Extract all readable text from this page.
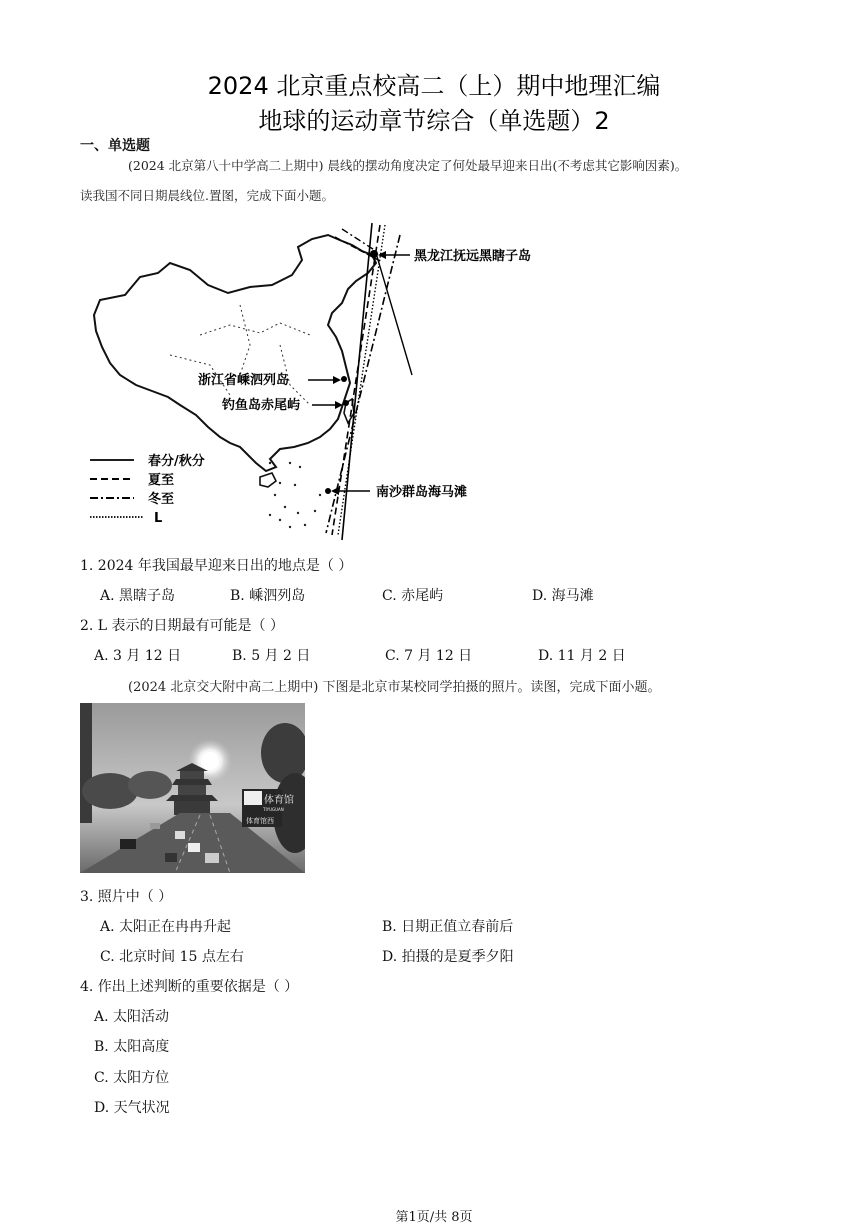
2024 北京重点校高二（上）期中地理汇编
地球的运动章节综合（单选题）2
一、单选题
(2024 北京第八十中学高二上期中) 晨线的摆动角度决定了何处最早迎来日出(不考虑其它影响因素)。
读我国不同日期晨线位.置图，完成下面小题。
黑龙江抚远黑瞎子岛
浙江省嵊泗列岛
钓鱼岛赤尾屿
南沙群岛海马滩
春分/秋分
夏至
冬至
L
1. 2024 年我国最早迎来日出的地点是（ ）
A. 黑瞎子岛	B. 嵊泗列岛	C. 赤尾屿	D. 海马滩
2. L 表示的日期最有可能是（ ）
A. 3 月 12 日	B. 5 月 2 日	C. 7 月 12 日	D. 11 月 2 日
(2024 北京交大附中高二上期中) 下图是北京市某校同学拍摄的照片。读图，完成下面小题。
体育馆
TIYUGUAN
体育馆西
3. 照片中（ ）
A. 太阳正在冉冉升起	B. 日期正值立春前后
C. 北京时间 15 点左右	D. 拍摄的是夏季夕阳
4. 作出上述判断的重要依据是（ ）
A. 太阳活动
B. 太阳高度
C. 太阳方位
D. 天气状况
第1页/共 8页
